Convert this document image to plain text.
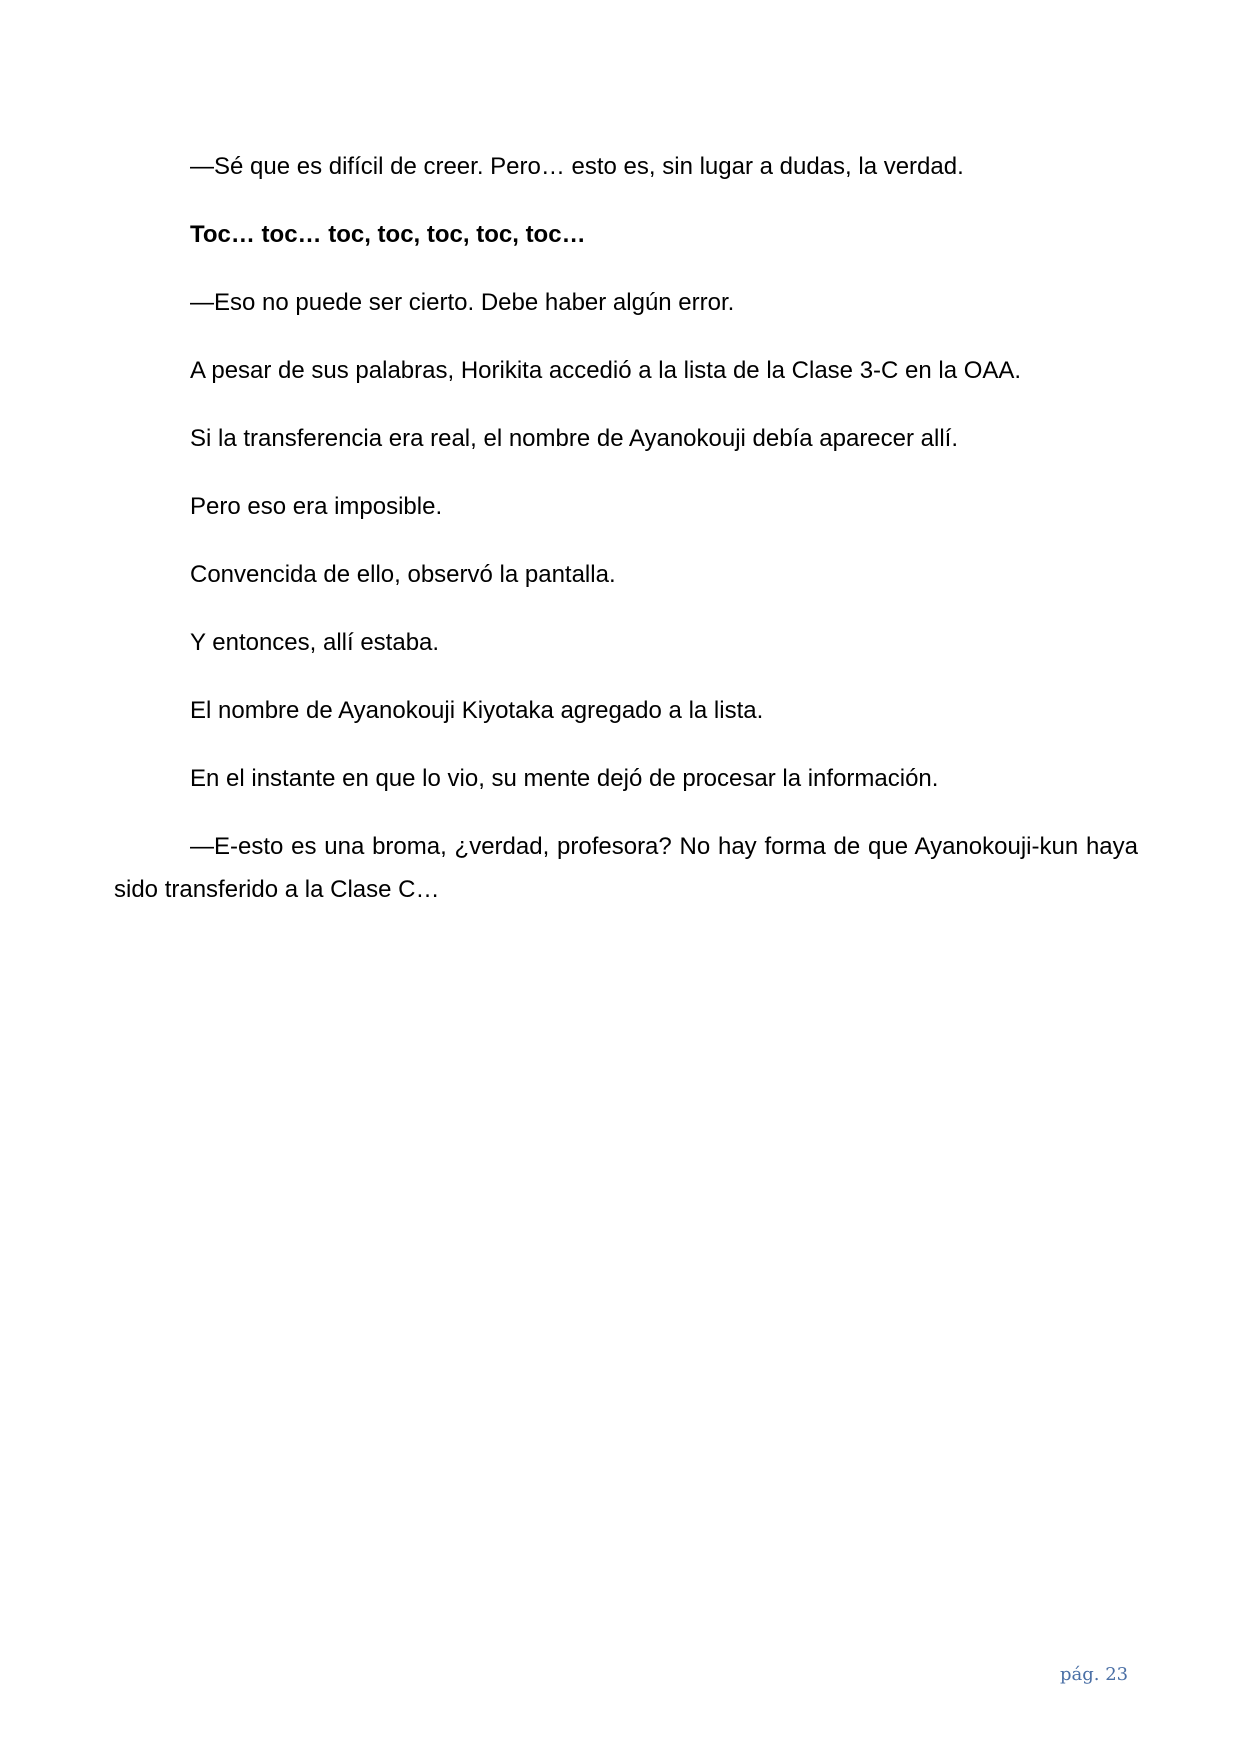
—Sé que es difícil de creer. Pero… esto es, sin lugar a dudas, la verdad.

Toc… toc… toc, toc, toc, toc, toc…

—Eso no puede ser cierto. Debe haber algún error.

A pesar de sus palabras, Horikita accedió a la lista de la Clase 3-C en la OAA.

Si la transferencia era real, el nombre de Ayanokouji debía aparecer allí.

Pero eso era imposible.

Convencida de ello, observó la pantalla.

Y entonces, allí estaba.

El nombre de Ayanokouji Kiyotaka agregado a la lista.

En el instante en que lo vio, su mente dejó de procesar la información.

—E-esto es una broma, ¿verdad, profesora? No hay forma de que Ayanokouji-kun haya sido transferido a la Clase C…

pág. 23
